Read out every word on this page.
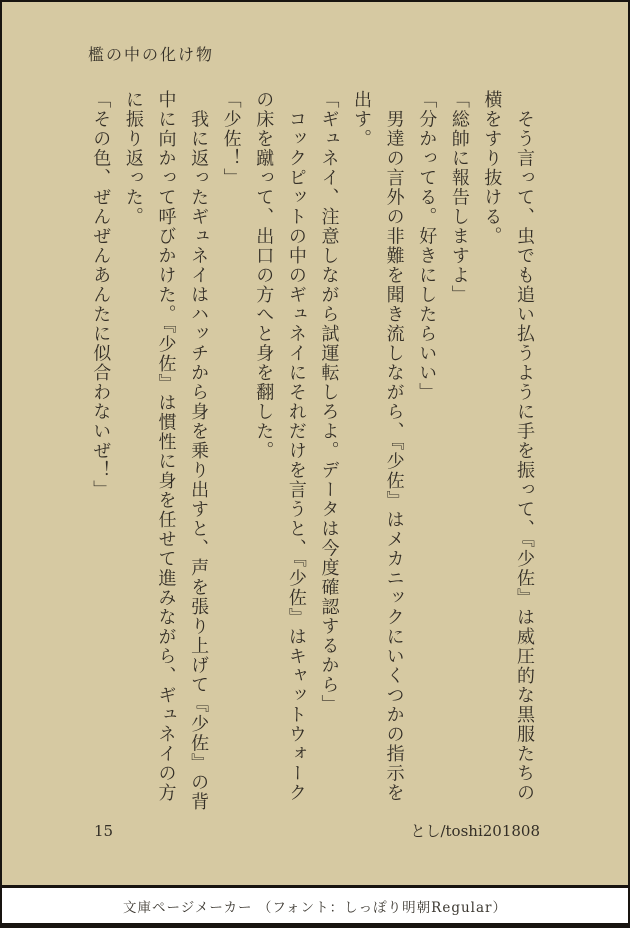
檻の中の化け物
　そう言って、虫でも追い払うように手を振って、『少佐』は威圧的な黒服たちの
横をすり抜ける。
「総帥に報告しますよ」
「分かってる。好きにしたらいい」
　男達の言外の非難を聞き流しながら、『少佐』はメカニックにいくつかの指示を
出す。
「ギュネイ、注意しながら試運転しろよ。データは今度確認するから」
　コックピットの中のギュネイにそれだけを言うと、『少佐』はキャットウォーク
の床を蹴って、出口の方へと身を翻した。
「少佐！」
　我に返ったギュネイはハッチから身を乗り出すと、声を張り上げて『少佐』の背
中に向かって呼びかけた。『少佐』は慣性に身を任せて進みながら、ギュネイの方
に振り返った。
「その色、ぜんぜんあんたに似合わないぜ！」
15	とし/toshi201808
文庫ページメーカー （フォント：しっぽり明朝Regular）
